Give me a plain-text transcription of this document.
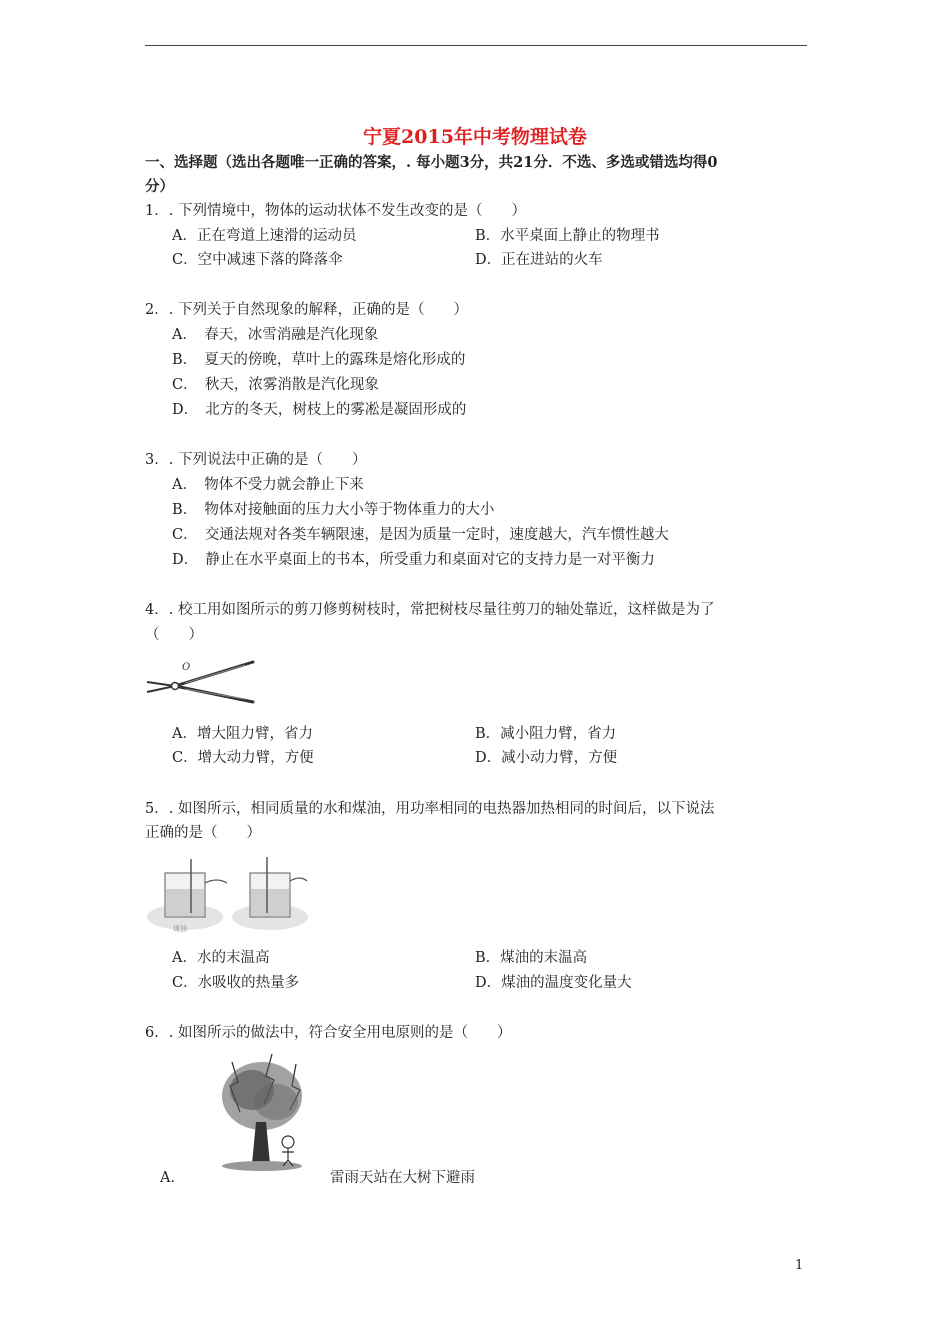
宁夏2015年中考物理试卷
一、选择题（选出各题唯一正确的答案，. 每小题3分，共21分．不选、多选或错选均得0
分）
1．. 下列情境中，物体的运动状体不发生改变的是（　　）
A．正在弯道上速滑的运动员	B．水平桌面上静止的物理书
C．空中减速下落的降落伞	D．正在进站的火车
2．. 下列关于自然现象的解释，正确的是（　　）
A．　春天，冰雪消融是汽化现象
B．　夏天的傍晚，草叶上的露珠是熔化形成的
C．　秋天，浓雾消散是汽化现象
D．　北方的冬天，树枝上的雾凇是凝固形成的
3．. 下列说法中正确的是（　　）
A．　物体不受力就会静止下来
B．　物体对接触面的压力大小等于物体重力的大小
C．　交通法规对各类车辆限速，是因为质量一定时，速度越大，汽车惯性越大
D．　静止在水平桌面上的书本，所受重力和桌面对它的支持力是一对平衡力
4．. 校工用如图所示的剪刀修剪树枝时，常把树枝尽量往剪刀的轴处靠近，这样做是为了
（　　）
O
A．增大阻力臂，省力	B．减小阻力臂，省力
C．增大动力臂，方便	D．减小动力臂，方便
5．. 如图所示，相同质量的水和煤油，用功率相同的电热器加热相同的时间后，以下说法
正确的是（　　）
煤油
A．水的末温高	B．煤油的末温高
C．水吸收的热量多	D．煤油的温度变化量大
6．. 如图所示的做法中，符合安全用电原则的是（　　）
A．	雷雨天站在大树下避雨
1
